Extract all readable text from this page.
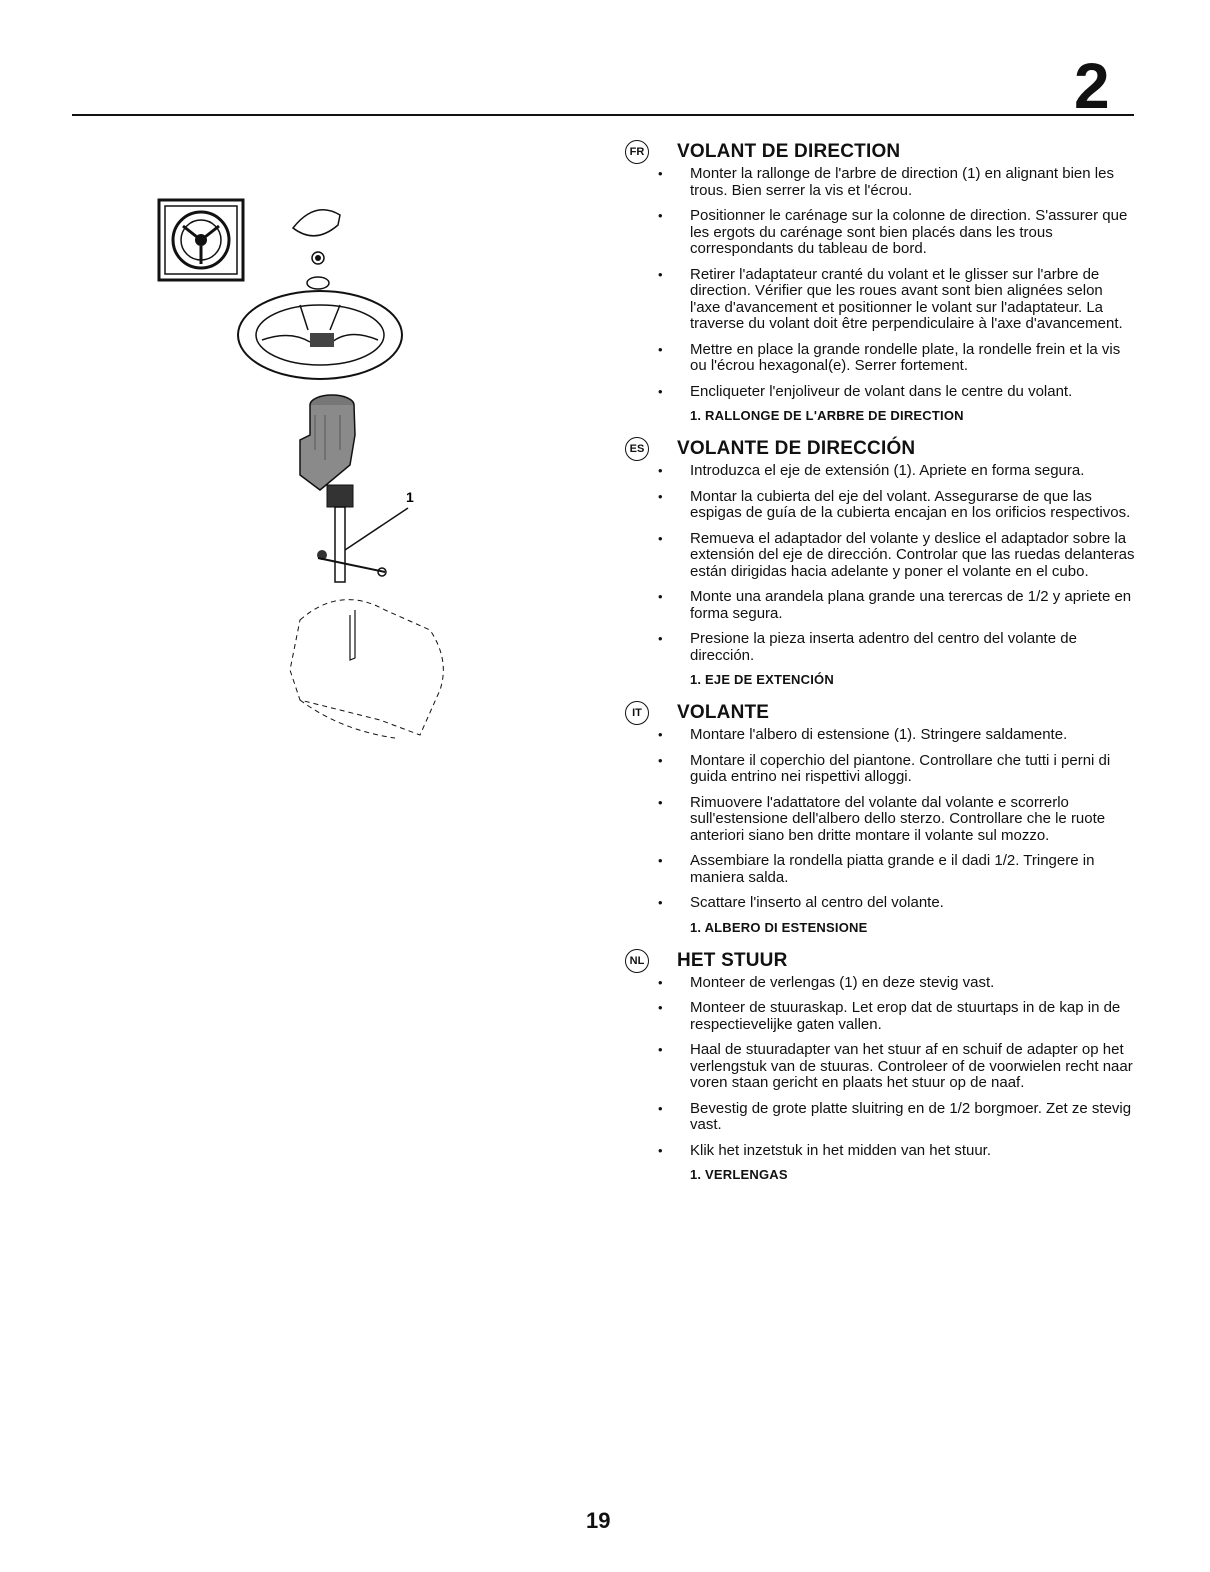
2
1
FR VOLANT DE DIRECTION
• Monter la rallonge de l'arbre de direction (1) en alignant bien les trous. Bien serrer la vis et l'écrou.
• Positionner le carénage sur la colonne de direction. S'assurer que les ergots du carénage sont bien placés dans les trous correspondants du tableau de bord.
• Retirer l'adaptateur cranté du volant et le glisser sur l'arbre de direction. Vérifier que les roues avant sont bien alignées selon l'axe d'avancement et positionner le volant sur l'adaptateur. La traverse du volant doit être perpendiculaire à l'axe d'avancement.
• Mettre en place la grande rondelle plate, la rondelle frein et la vis ou l'écrou hexagonal(e). Serrer fortement.
• Encliqueter l'enjoliveur de volant dans le centre du volant.
1. RALLONGE DE L'ARBRE DE DIRECTION
ES VOLANTE DE DIRECCIÓN
• Introduzca el eje de extensión (1). Apriete en forma segura.
• Montar la cubierta del eje del volant. Assegurarse de que las espigas de guía de la cubierta encajan en los orificios respectivos.
• Remueva el adaptador del volante y deslice el adaptador sobre la extensión del eje de dirección. Controlar que las ruedas delanteras están dirigidas hacia adelante y poner el volante en el cubo.
• Monte una arandela plana grande una terercas de 1/2 y apriete en forma segura.
• Presione la pieza inserta adentro del centro del volante de dirección.
1. EJE DE EXTENCIÓN
IT	VOLANTE
• Montare l'albero di estensione (1). Stringere saldamente.
• Montare il coperchio del piantone. Controllare che tutti i perni di guida entrino nei rispettivi alloggi.
• Rimuovere l'adattatore del volante dal volante e scorrerlo sull'estensione dell'albero dello sterzo. Controllare che le ruote anteriori siano ben dritte montare il volante sul mozzo.
• Assembiare la rondella piatta grande e il dadi 1/2. Tringere in maniera salda.
• Scattare l'inserto al centro del volante.
1. ALBERO DI ESTENSIONE
NL HET STUUR
• Monteer de verlengas (1) en deze stevig vast.
• Monteer de stuuraskap. Let erop dat de stuurtaps in de kap in de respectievelijke gaten vallen.
• Haal de stuuradapter van het stuur af en schuif de adapter op het verlengstuk van de stuuras. Controleer of de voorwielen recht naar voren staan gericht en plaats het stuur op de naaf.
• Bevestig de grote platte sluitring en de 1/2 borgmoer. Zet ze stevig vast.
• Klik het inzetstuk in het midden van het stuur.
1. VERLENGAS
19
